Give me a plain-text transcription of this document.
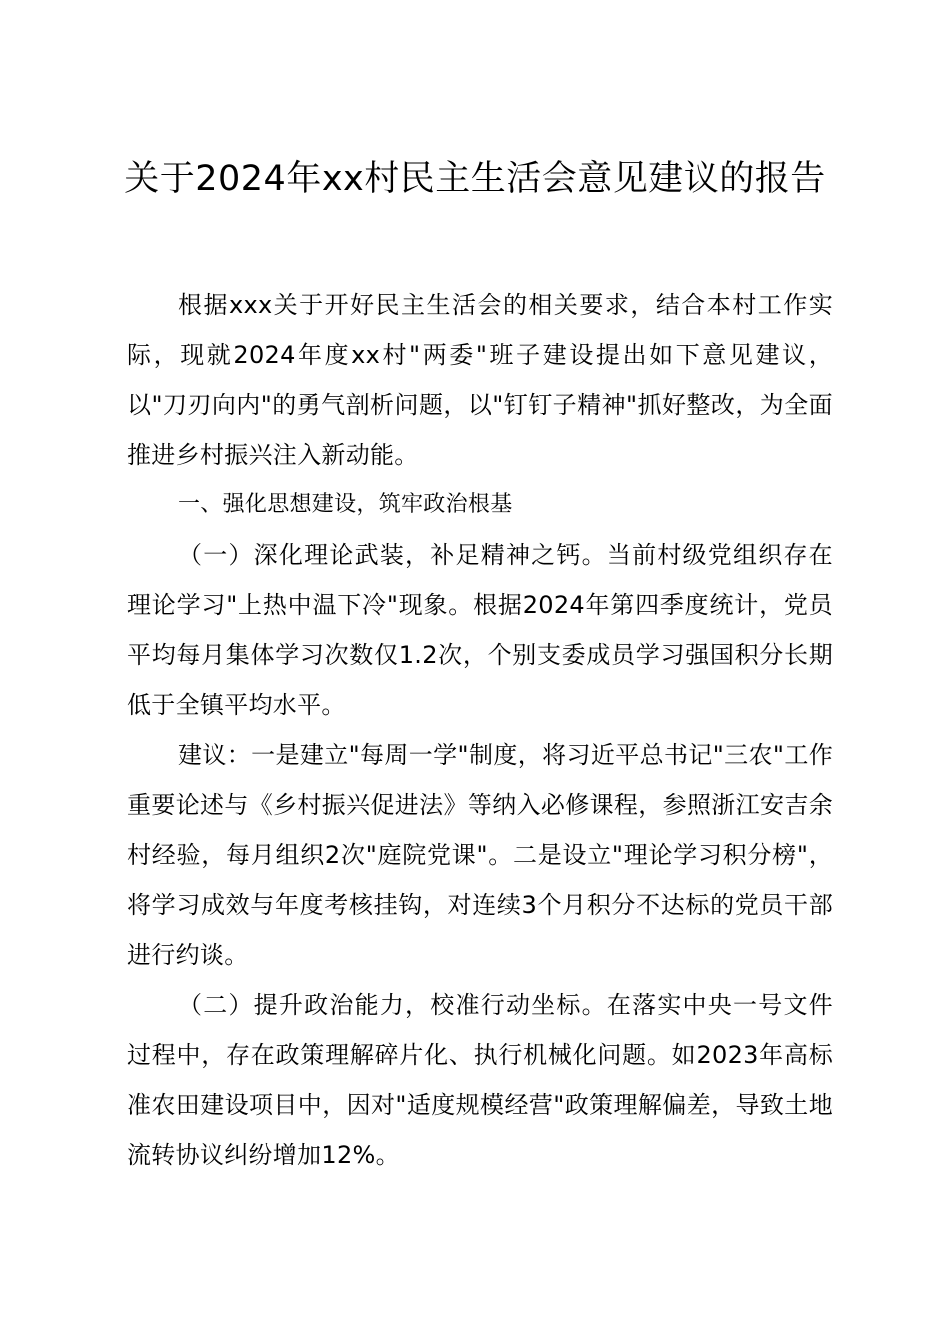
关于2024年xx村民主生活会意见建议的报告

根据xxx关于开好民主生活会的相关要求，结合本村工作实际，现就2024年度xx村"两委"班子建设提出如下意见建议，以"刀刃向内"的勇气剖析问题，以"钉钉子精神"抓好整改，为全面推进乡村振兴注入新动能。

一、强化思想建设，筑牢政治根基

（一）深化理论武装，补足精神之钙。当前村级党组织存在理论学习"上热中温下冷"现象。根据2024年第四季度统计，党员平均每月集体学习次数仅1.2次，个别支委成员学习强国积分长期低于全镇平均水平。

建议：一是建立"每周一学"制度，将习近平总书记"三农"工作重要论述与《乡村振兴促进法》等纳入必修课程，参照浙江安吉余村经验，每月组织2次"庭院党课"。二是设立"理论学习积分榜"，将学习成效与年度考核挂钩，对连续3个月积分不达标的党员干部进行约谈。

（二）提升政治能力，校准行动坐标。在落实中央一号文件过程中，存在政策理解碎片化、执行机械化问题。如2023年高标准农田建设项目中，因对"适度规模经营"政策理解偏差，导致土地流转协议纠纷增加12%。
